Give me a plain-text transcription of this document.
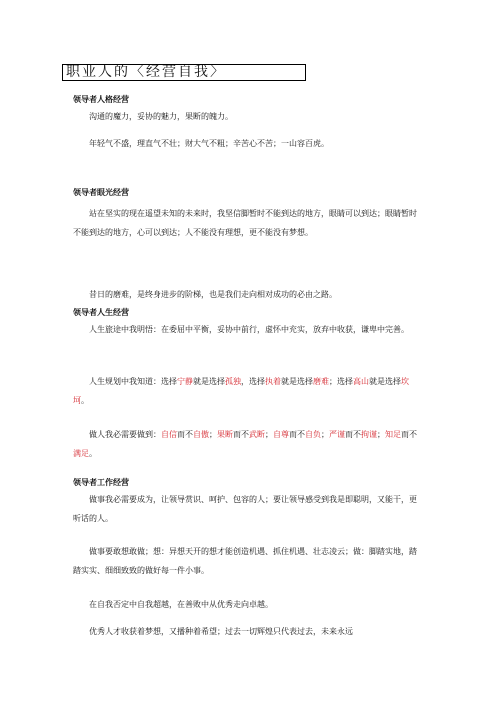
职业人的〈经营自我〉
领导者人格经营

沟通的魔力，妥协的魅力，果断的魄力。

年轻气不盛，理直气不壮；财大气不粗；辛苦心不苦；一山容百虎。

领导者眼光经营

站在坚实的现在遥望未知的未来时，我坚信脚暂时不能到达的地方，眼睛可以到达；眼睛暂时不能到达的地方，心可以到达；人不能没有理想，更不能没有梦想。

昔日的磨难，是终身进步的阶梯，也是我们走向相对成功的必由之路。

领导者人生经营

人生旅途中我明悟：在委屈中平衡，妥协中前行，虚怀中充实，放弃中收获，谦卑中完善。

人生规划中我知道：选择宁静就是选择孤独，选择执着就是选择磨难；选择高山就是选择坎坷。

做人我必需要做到：自信而不自傲；果断而不武断；自尊而不自负；严谨而不拘谨；知足而不满足。

领导者工作经营

做事我必需要成为，让领导赏识、呵护、包容的人；要让领导感受到我是即聪明，又能干，更听话的人。

做事要敢想敢做；想：异想天开的想才能创造机遇、抓住机遇、壮志凌云；做：脚踏实地，踏踏实实、细细致致的做好每一件小事。

在自我否定中自我超越，在善败中从优秀走向卓越。

优秀人才收获着梦想，又播种着希望；过去一切辉煌只代表过去，未来永远
